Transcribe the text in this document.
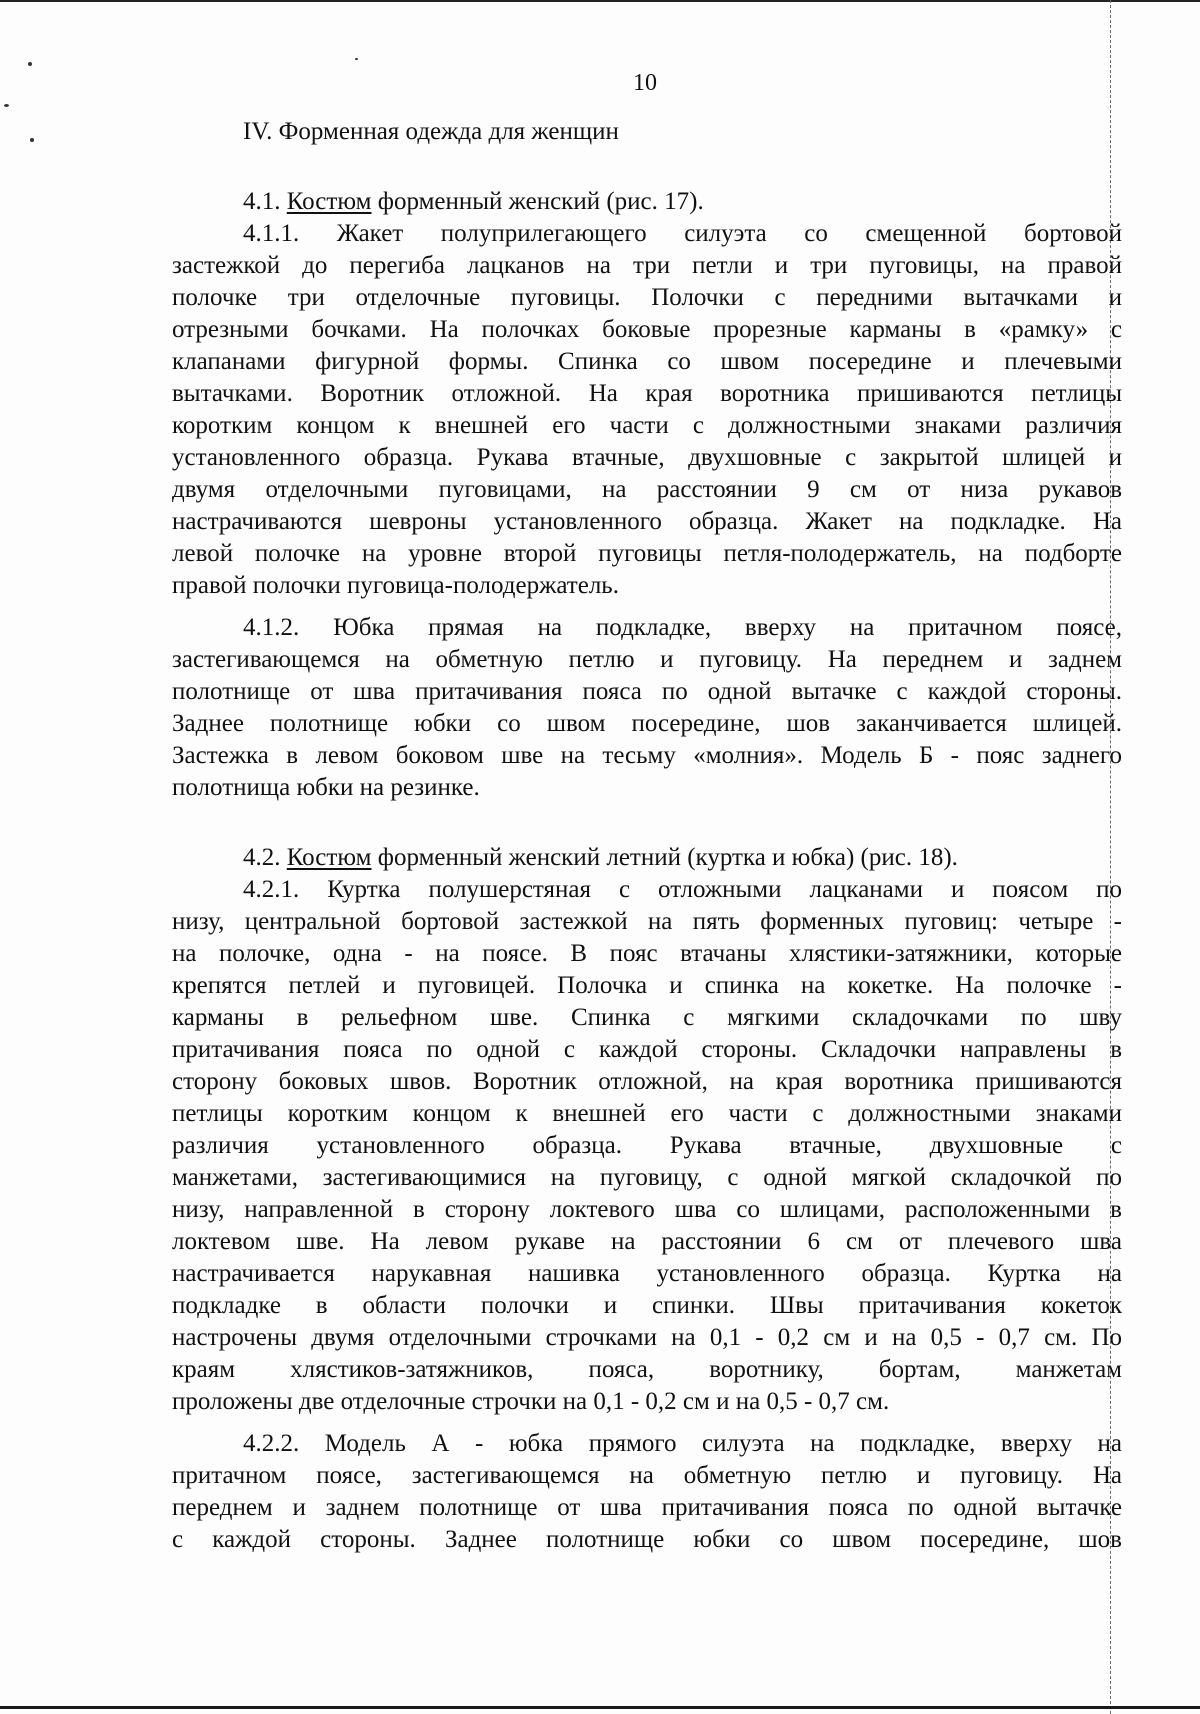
10
IV. Форменная одежда для женщин
4.1. Костюм форменный женский (рис. 17).
4.1.1. Жакет полуприлегающего силуэта со смещенной бортовой
застежкой до перегиба лацканов на три петли и три пуговицы, на правой
полочке три отделочные пуговицы. Полочки с передними вытачками и
отрезными бочками. На полочках боковые прорезные карманы в «рамку» с
клапанами фигурной формы. Спинка со швом посередине и плечевыми
вытачками. Воротник отложной. На края воротника пришиваются петлицы
коротким концом к внешней его части с должностными знаками различия
установленного образца. Рукава втачные, двухшовные с закрытой шлицей и
двумя отделочными пуговицами, на расстоянии 9 см от низа рукавов
настрачиваются шевроны установленного образца. Жакет на подкладке. На
левой полочке на уровне второй пуговицы петля-полодержатель, на подборте
правой полочки пуговица-полодержатель.
4.1.2. Юбка прямая на подкладке, вверху на притачном поясе,
застегивающемся на обметную петлю и пуговицу. На переднем и заднем
полотнище от шва притачивания пояса по одной вытачке с каждой стороны.
Заднее полотнище юбки со швом посередине, шов заканчивается шлицей.
Застежка в левом боковом шве на тесьму «молния». Модель Б - пояс заднего
полотнища юбки на резинке.
4.2. Костюм форменный женский летний (куртка и юбка) (рис. 18).
4.2.1. Куртка полушерстяная с отложными лацканами и поясом по
низу, центральной бортовой застежкой на пять форменных пуговиц: четыре -
на полочке, одна - на поясе. В пояс втачаны хлястики-затяжники, которые
крепятся петлей и пуговицей. Полочка и спинка на кокетке. На полочке -
карманы в рельефном шве. Спинка с мягкими складочками по шву
притачивания пояса по одной с каждой стороны. Складочки направлены в
сторону боковых швов. Воротник отложной, на края воротника пришиваются
петлицы коротким концом к внешней его части с должностными знаками
различия установленного образца. Рукава втачные, двухшовные с
манжетами, застегивающимися на пуговицу, с одной мягкой складочкой по
низу, направленной в сторону локтевого шва со шлицами, расположенными в
локтевом шве. На левом рукаве на расстоянии 6 см от плечевого шва
настрачивается нарукавная нашивка установленного образца. Куртка на
подкладке в области полочки и спинки. Швы притачивания кокеток
настрочены двумя отделочными строчками на 0,1 - 0,2 см и на 0,5 - 0,7 см. По
краям хлястиков-затяжников, пояса, воротнику, бортам, манжетам
проложены две отделочные строчки на 0,1 - 0,2 см и на 0,5 - 0,7 см.
4.2.2. Модель А - юбка прямого силуэта на подкладке, вверху на
притачном поясе, застегивающемся на обметную петлю и пуговицу. На
переднем и заднем полотнище от шва притачивания пояса по одной вытачке
с каждой стороны. Заднее полотнище юбки со швом посередине, шов
